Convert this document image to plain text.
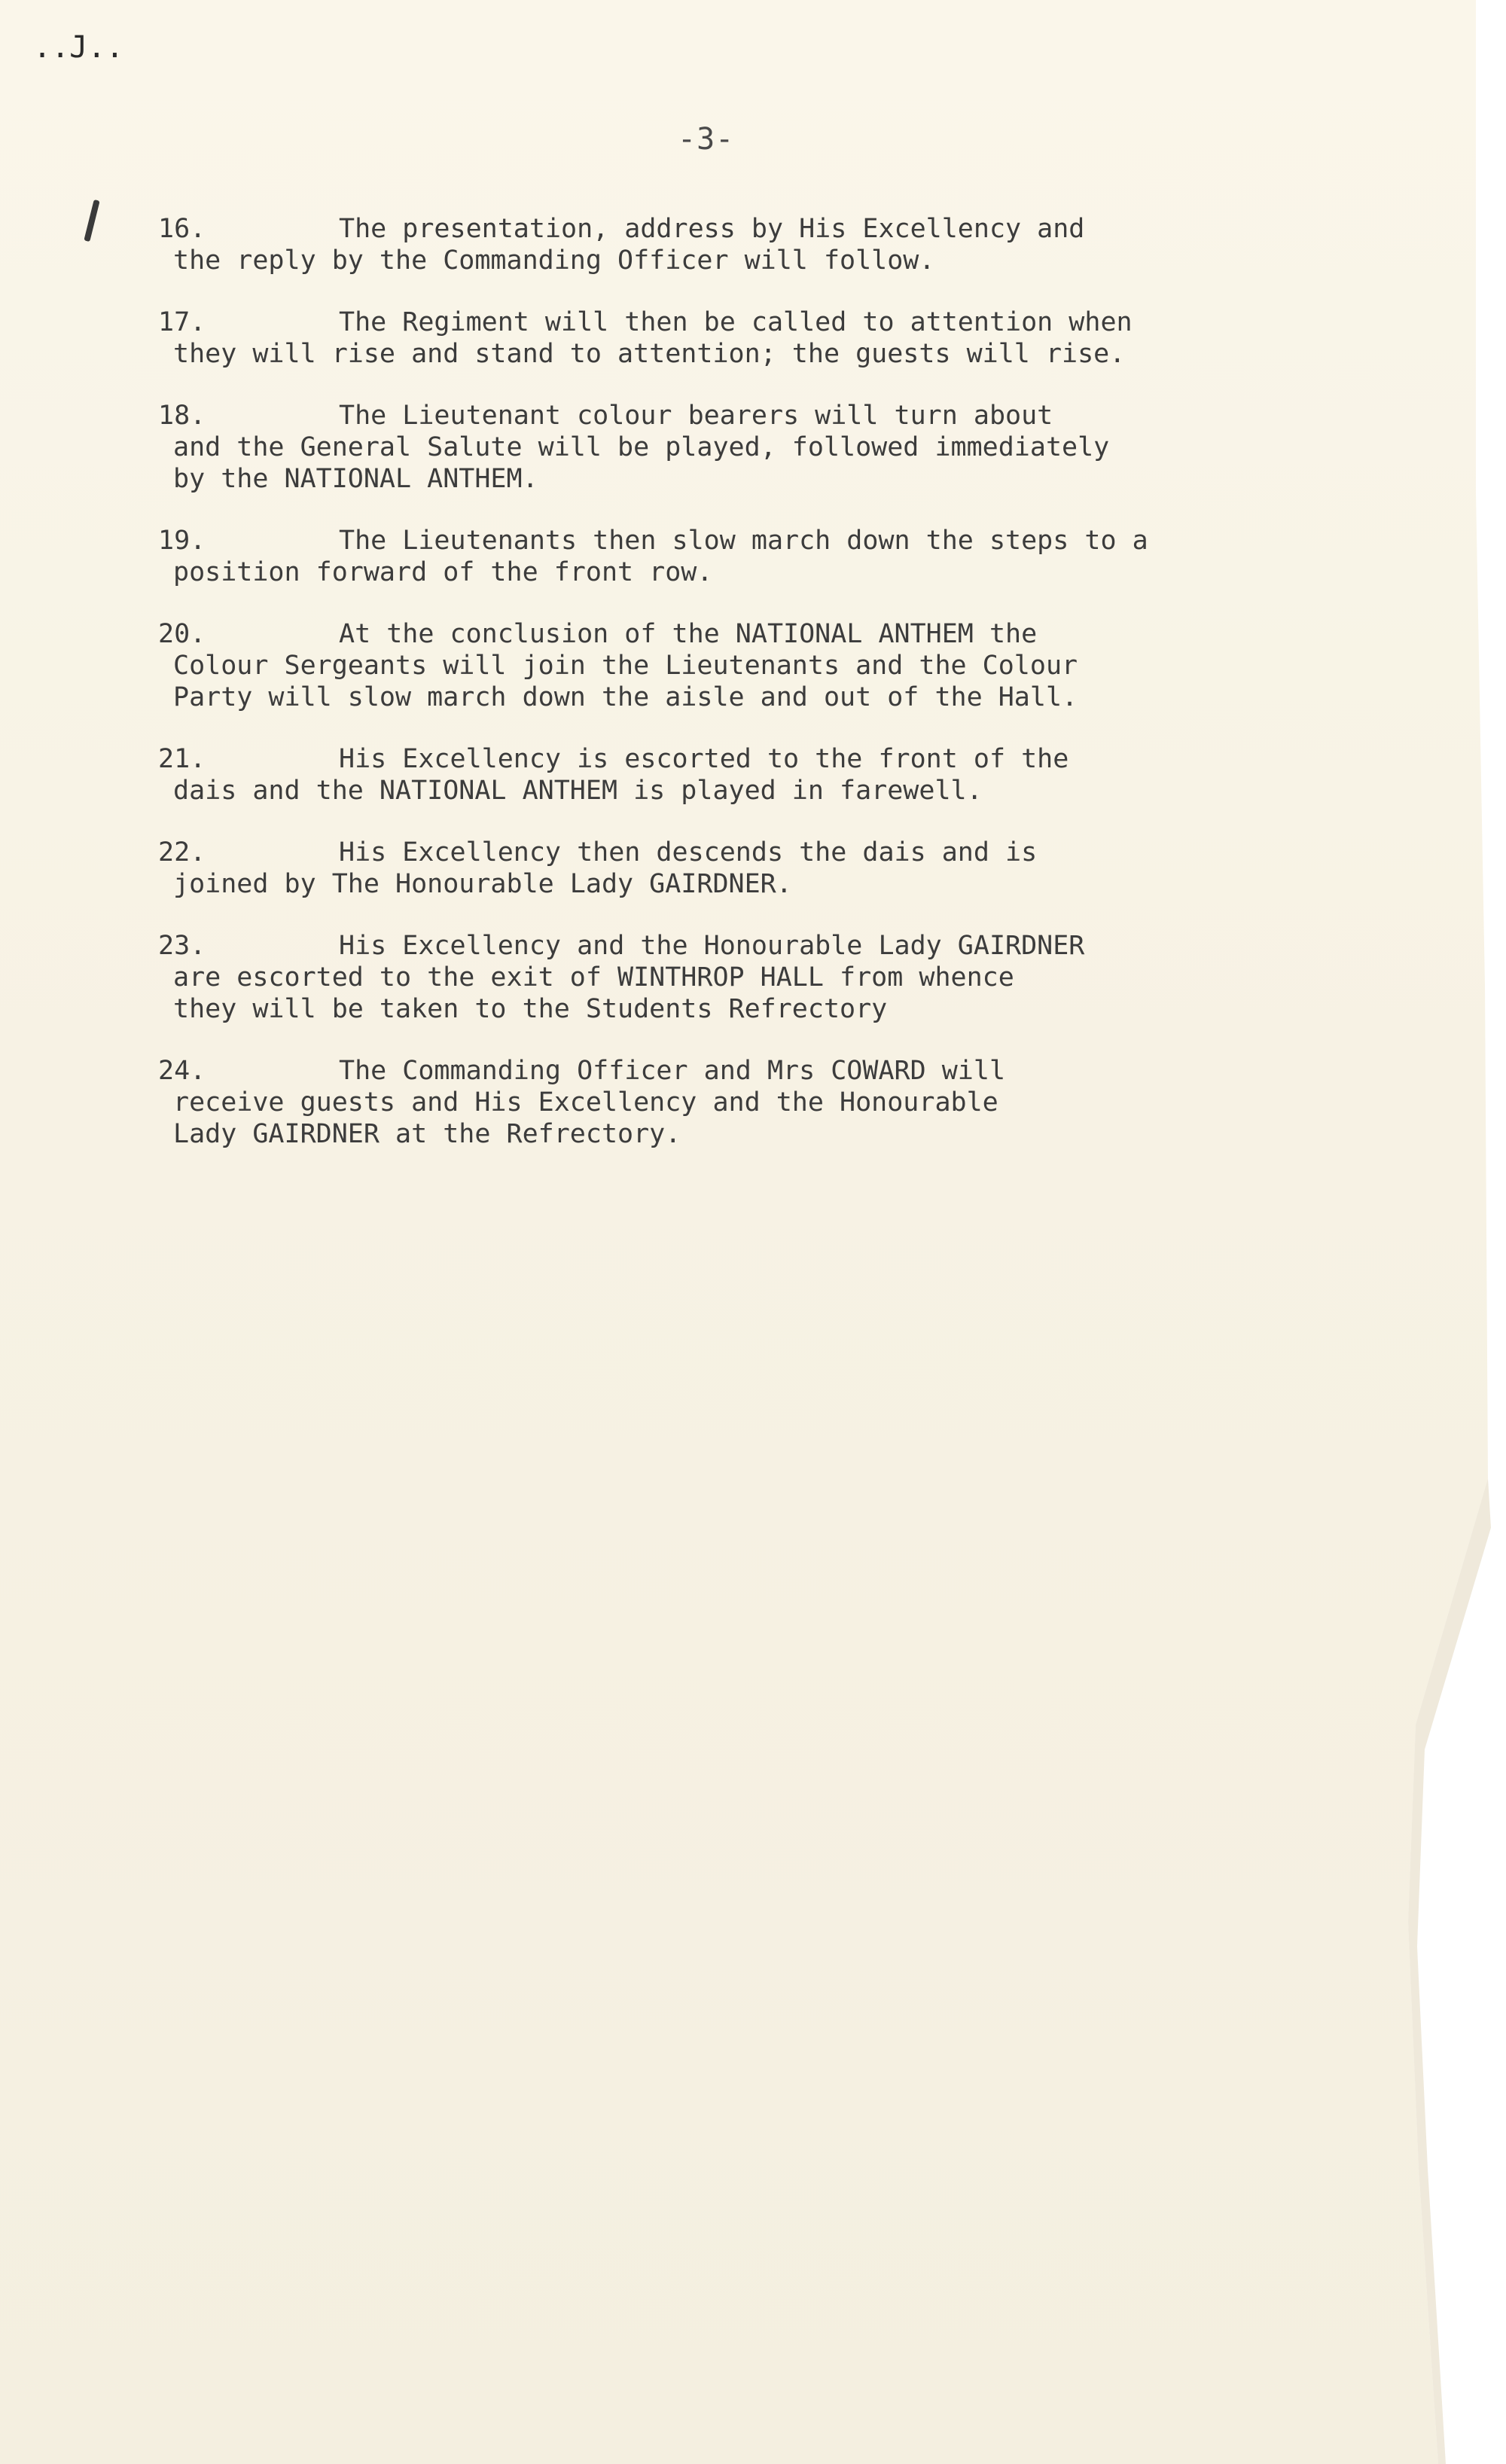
..J..
-3-
16.	The presentation, address by His Excellency and
the reply by the Commanding Officer will follow.
17.	The Regiment will then be called to attention when
they will rise and stand to attention; the guests will rise.
18.	The Lieutenant colour bearers will turn about
and the General Salute will be played, followed immediately
by the NATIONAL ANTHEM.
19.	The Lieutenants then slow march down the steps to a
position forward of the front row.
20.	At the conclusion of the NATIONAL ANTHEM the
Colour Sergeants will join the Lieutenants and the Colour
Party will slow march down the aisle and out of the Hall.
21.	His Excellency is escorted to the front of the
dais and the NATIONAL ANTHEM is played in farewell.
22.	His Excellency then descends the dais and is
joined by The Honourable Lady GAIRDNER.
23.	His Excellency and the Honourable Lady GAIRDNER
are escorted to the exit of WINTHROP HALL from whence
they will be taken to the Students Refrectory
24.	The Commanding Officer and Mrs COWARD will
receive guests and His Excellency and the Honourable
Lady GAIRDNER at the Refrectory.
